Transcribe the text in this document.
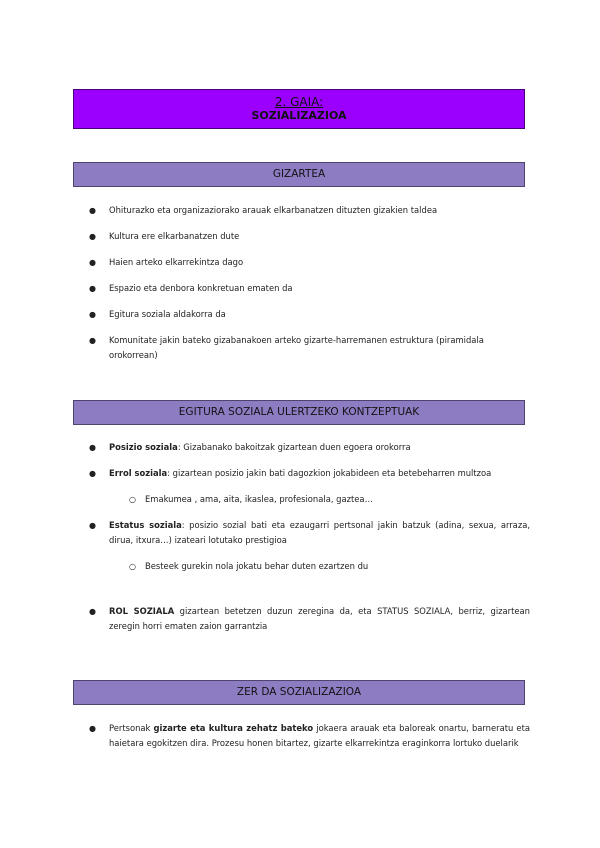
2. GAIA:
SOZIALIZAZIOA
GIZARTEA
● Ohiturazko eta organizaziorako arauak elkarbanatzen dituzten gizakien taldea
● Kultura ere elkarbanatzen dute
● Haien arteko elkarrekintza dago
● Espazio eta denbora konkretuan ematen da
● Egitura soziala aldakorra da
● Komunitate jakin bateko gizabanakoen arteko gizarte-harremanen estruktura (piramidala orokorrean)
EGITURA SOZIALA ULERTZEKO KONTZEPTUAK
● Posizio soziala: Gizabanako bakoitzak gizartean duen egoera orokorra
● Errol soziala: gizartean posizio jakin bati dagozkion jokabideen eta betebeharren multzoa
○ Emakumea , ama, aita, ikaslea, profesionala, gaztea…
● Estatus soziala: posizio sozial bati eta ezaugarri pertsonal jakin batzuk (adina, sexua, arraza, dirua, itxura…) izateari lotutako prestigioa
○ Besteek gurekin nola jokatu behar duten ezartzen du
● ROL SOZIALA gizartean betetzen duzun zeregina da, eta STATUS SOZIALA, berriz, gizartean zeregin horri ematen zaion garrantzia
ZER DA SOZIALIZAZIOA
● Pertsonak gizarte eta kultura zehatz bateko jokaera arauak eta baloreak onartu, barneratu eta haietara egokitzen dira. Prozesu honen bitartez, gizarte elkarrekintza eraginkorra lortuko duelarik
